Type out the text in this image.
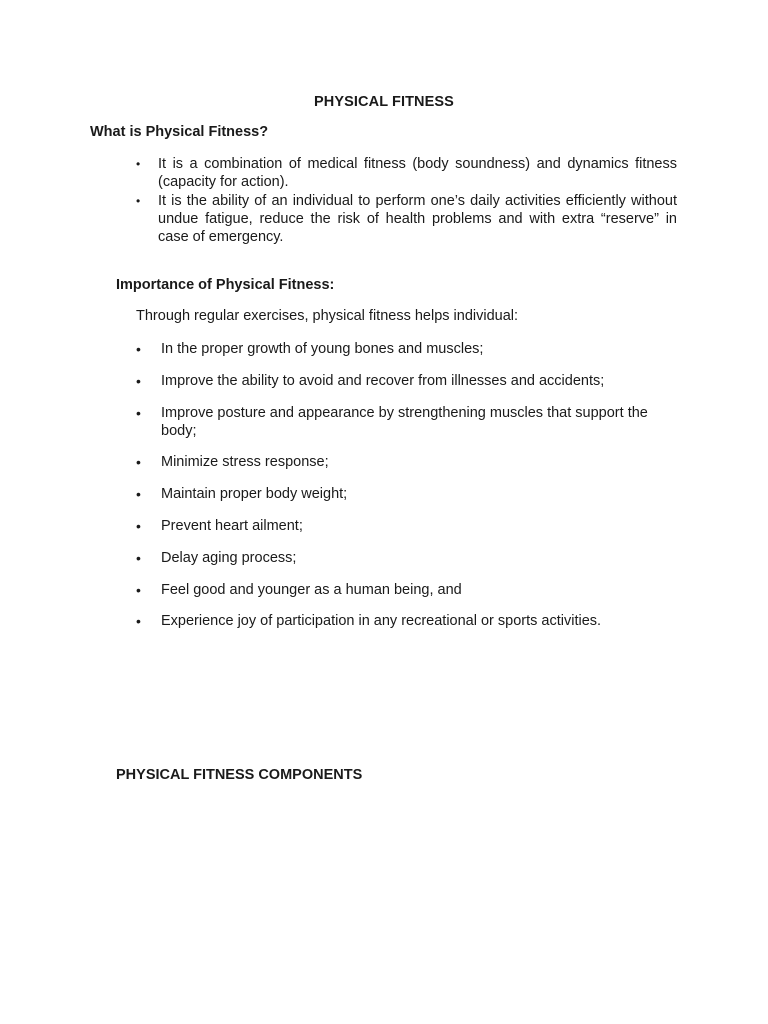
PHYSICAL FITNESS
What is Physical Fitness?
• It is a combination of medical fitness (body soundness) and dynamics fitness (capacity for action).
• It is the ability of an individual to perform one’s daily activities efficiently without undue fatigue, reduce the risk of health problems and with extra “reserve” in case of emergency.
Importance of Physical Fitness:
Through regular exercises, physical fitness helps individual:
• In the proper growth of young bones and muscles;
• Improve the ability to avoid and recover from illnesses and accidents;
• Improve posture and appearance by strengthening muscles that support the body;
• Minimize stress response;
• Maintain proper body weight;
• Prevent heart ailment;
• Delay aging process;
• Feel good and younger as a human being, and
• Experience joy of participation in any recreational or sports activities.
PHYSICAL FITNESS COMPONENTS
